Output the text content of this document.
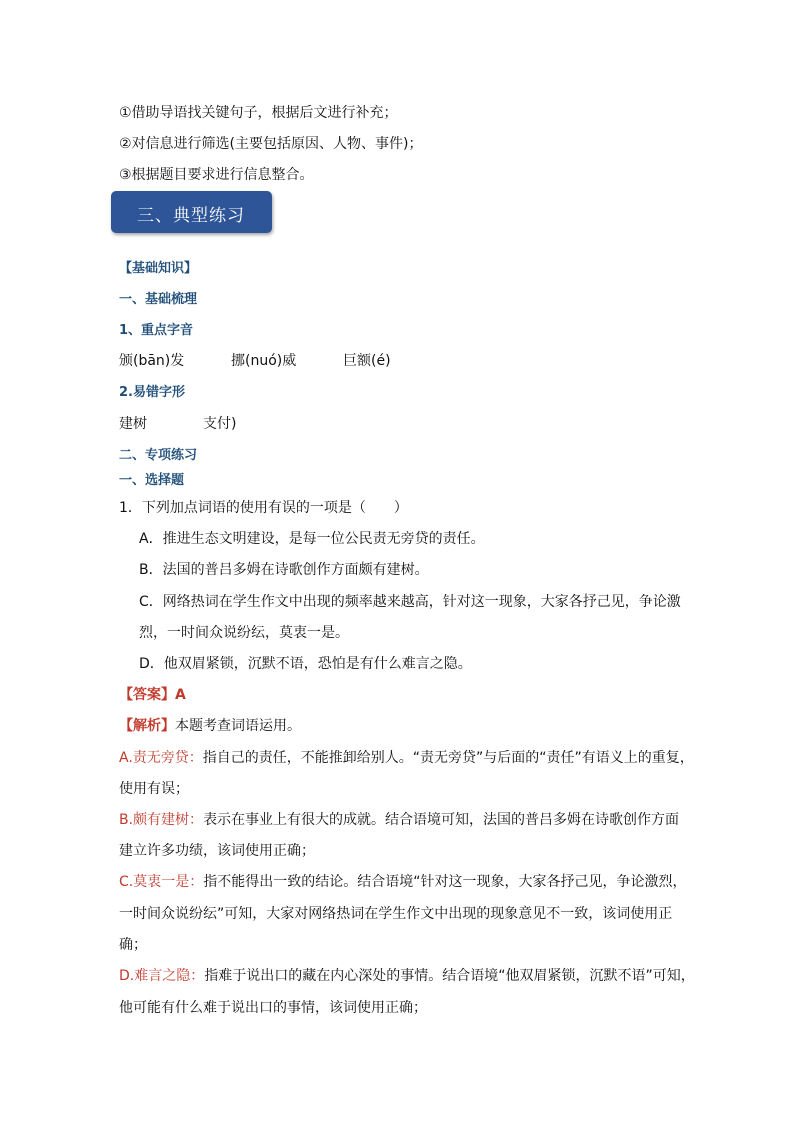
①借助导语找关键句子，根据后文进行补充；
②对信息进行筛选(主要包括原因、人物、事件)；
③根据题目要求进行信息整合。
三、典型练习
【基础知识】
一、基础梳理
1、重点字音
颁(bān)发	挪(nuó)威	巨额(é)
2.易错字形
建树	支付)
二、专项练习
一、选择题
1．下列加点词语的使用有误的一项是（　　）
A．推进生态文明建设，是每一位公民责无旁贷的责任。
B．法国的普吕多姆在诗歌创作方面颇有建树。
C．网络热词在学生作文中出现的频率越来越高，针对这一现象，大家各抒己见，争论激
烈，一时间众说纷纭，莫衷一是。
D．他双眉紧锁，沉默不语，恐怕是有什么难言之隐。
【答案】A
【解析】本题考查词语运用。
A.责无旁贷：指自己的责任，不能推卸给别人。“责无旁贷”与后面的“责任”有语义上的重复，
使用有误；
B.颇有建树：表示在事业上有很大的成就。结合语境可知，法国的普吕多姆在诗歌创作方面
建立许多功绩，该词使用正确；
C.莫衷一是：指不能得出一致的结论。结合语境“针对这一现象，大家各抒己见，争论激烈，
一时间众说纷纭”可知，大家对网络热词在学生作文中出现的现象意见不一致，该词使用正
确；
D.难言之隐：指难于说出口的藏在内心深处的事情。结合语境“他双眉紧锁，沉默不语”可知，
他可能有什么难于说出口的事情，该词使用正确；
